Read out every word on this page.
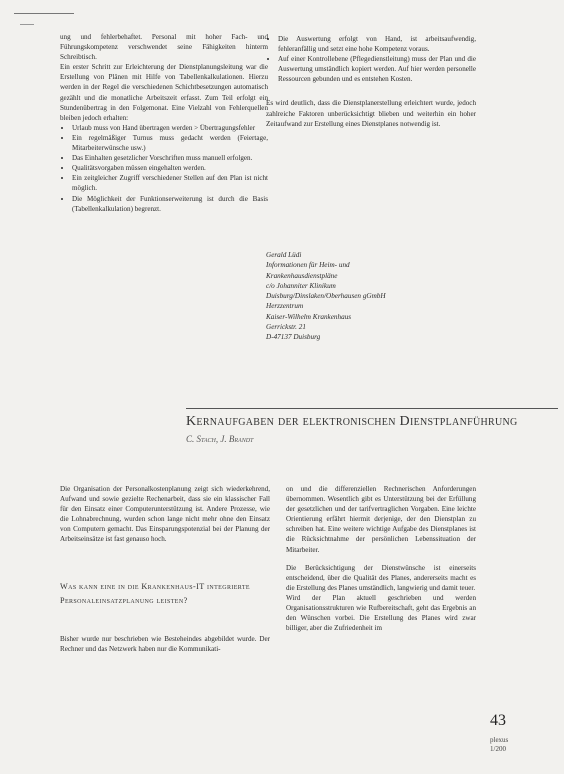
ung und fehlerbehaftet. Personal mit hoher Fach- und Führungskompetenz verschwendet seine Fähigkeiten hinterm Schreibtisch.

Ein erster Schritt zur Erleichterung der Dienstplanungsleitung war die Erstellung von Plänen mit Hilfe von Tabellenkalkulationen. Hierzu werden in der Regel die verschiedenen Schichtbesetzungen automatisch gezählt und die monatliche Arbeitszeit erfasst. Zum Teil erfolgt ein Stundenübertrag in den Folgemonat. Eine Vielzahl von Fehlerquellen bleiben jedoch erhalten:

• Urlaub muss von Hand übertragen werden > Übertragungsfehler
• Ein regelmäßiger Turnus muss gedacht werden (Feiertage, Mitarbeiterwünsche usw.)
• Das Einhalten gesetzlicher Vorschriften muss manuell erfolgen.
• Qualitätsvorgaben müssen eingehalten werden.
• Ein zeitgleicher Zugriff verschiedener Stellen auf den Plan ist nicht möglich.
• Die Möglichkeit der Funktionserweiterung ist durch die Basis (Tabellenkalkulation) begrenzt.
• Die Auswertung erfolgt von Hand, ist arbeitsaufwendig, fehleranfällig und setzt eine hohe Kompetenz voraus.
• Auf einer Kontrollebene (Pflegedienstleitung) muss der Plan und die Auswertung umständlich kopiert werden. Auf hier werden personelle Ressourcen gebunden und es entstehen Kosten.

Es wird deutlich, dass die Dienstplanerstellung erleichtert wurde, jedoch zahlreiche Faktoren unberücksichtigt blieben und weiterhin ein hoher Zeitaufwand zur Erstellung eines Dienstplanes notwendig ist.

Gerald Lüdi
Informationen für Heim- und
Krankenhausdienstpläne
c/o Johanniter Klinikum
Duisburg/Dinslaken/Oberhausen gGmbH
Herzzentrum
Kaiser-Wilhelm Krankenhaus
Gerrickstr. 21
D-47137 Duisburg
Kernaufgaben der elektronischen Dienstplanführung
C. Stach, J. Brandt

Die Organisation der Personalkostenplanung zeigt sich wiederkehrend, Aufwand und sowie gezielte Rechenarbeit, dass sie ein klassischer Fall für den Einsatz einer Computerunterstützung ist. Andere Prozesse, wie die Lohnabrechnung, wurden schon lange nicht mehr ohne den Einsatz von Computern gemacht. Das Einsparungspotenzial bei der Planung der Arbeitseinsätze ist fast genauso hoch.

Was kann eine in die Krankenhaus-IT integrierte Personaleinsatzplanung leisten?

Bisher wurde nur beschrieben wie Besteheindes abgebildet wurde. Der Rechner und das Netzwerk haben nur die Kommunikati-

on und die differenziellen Rechnerischen Anforderungen übernommen. Wesentlich gibt es Unterstützung bei der Erfüllung der gesetzlichen und der tarifvertraglichen Vorgaben. Eine leichte Orientierung erfährt hiermit derjenige, der den Dienstplan zu schreiben hat. Eine weitere wichtige Aufgabe des Dienstplanes ist die Rücksichtnahme der persönlichen Lebenssituation der Mitarbeiter.

Die Berücksichtigung der Dienstwünsche ist einerseits entscheidend, über die Qualität des Planes, andererseits macht es die Erstellung des Planes umständlich, langwierig und damit teuer.

Wird der Plan aktuell geschrieben und werden Organisationsstrukturen wie Rufbereitschaft, geht das Ergebnis an den Wünschen vorbei. Die Erstellung des Planes wird zwar billiger, aber die Zufriedenheit im

43
plexus
1/200
